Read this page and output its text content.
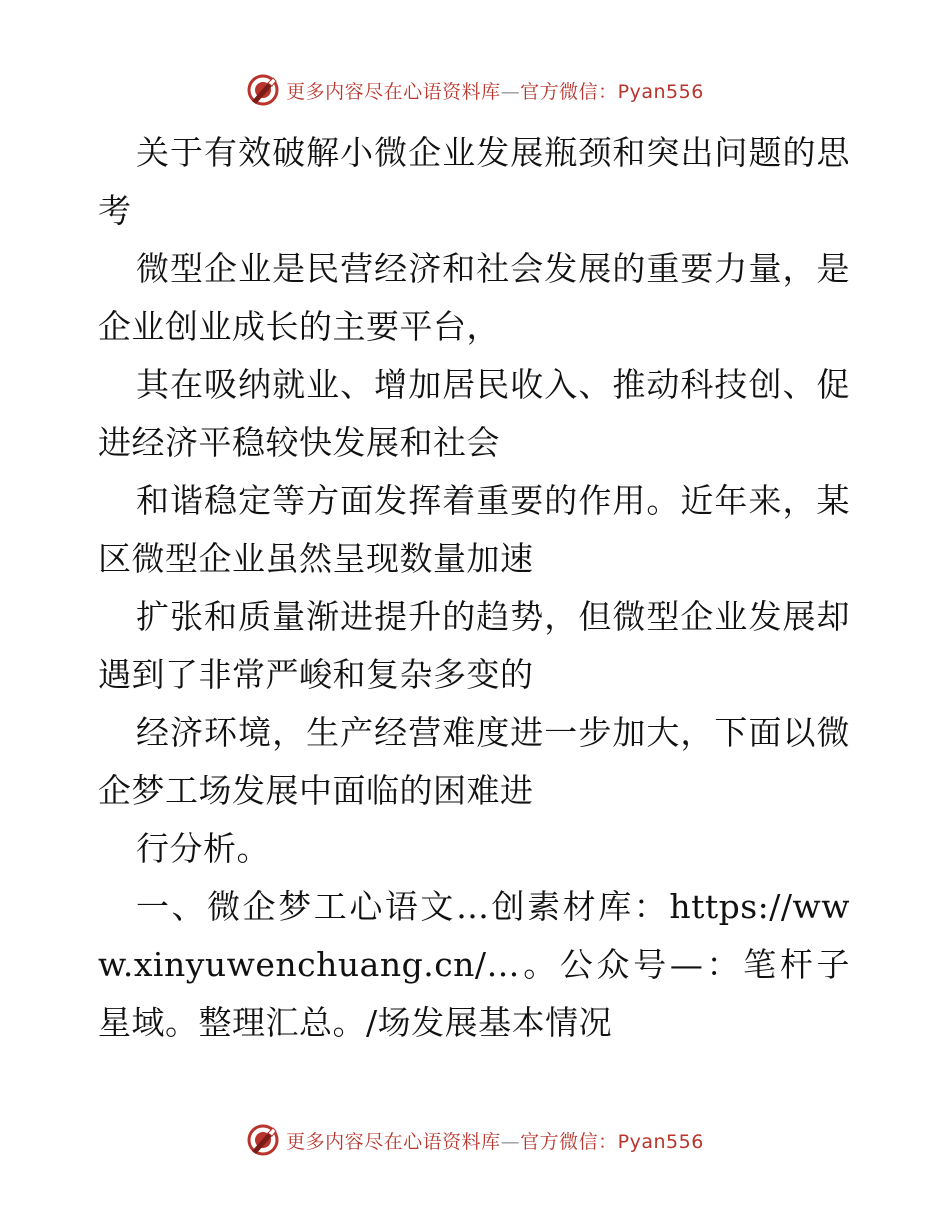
更多内容尽在心语资料库—官方微信：Pyan556

关于有效破解小微企业发展瓶颈和突出问题的思考

微型企业是民营经济和社会发展的重要力量，是企业创业成长的主要平台，

其在吸纳就业、增加居民收入、推动科技创、促进经济平稳较快发展和社会

和谐稳定等方面发挥着重要的作用。近年来，某区微型企业虽然呈现数量加速

扩张和质量渐进提升的趋势，但微型企业发展却遇到了非常严峻和复杂多变的

经济环境，生产经营难度进一步加大，下面以微企梦工场发展中面临的困难进

行分析。

一、微企梦工心语文…创素材库：https://www.xinyuwenchuang.cn/…。公众号—：笔杆子星域。整理汇总。/场发展基本情况

更多内容尽在心语资料库—官方微信：Pyan556
